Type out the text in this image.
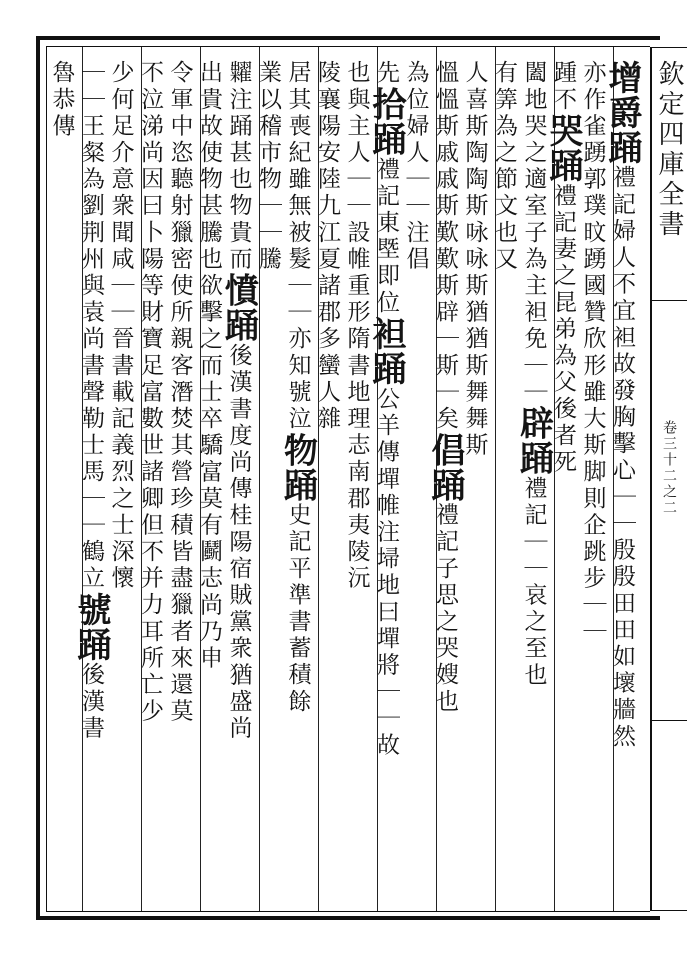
欽定四庫全書
卷三十二之二
增爵踊禮記婦人不宜袒故發胸擊心｜｜殷殷田田如壞牆然
亦作雀踴郭璞旼踴國贊欣形雖大斯脚則企跳步｜｜
踵不哭踊禮記妻之昆弟為父後者死
闔地哭之適室子為主袒免｜｜辟踊禮記｜｜哀之至也
有筭為之節文也又
人喜斯陶陶斯咏咏斯猶猶斯舞舞斯
慍慍斯戚戚斯歎歎斯辟｜斯｜矣倡踊禮記子思之哭嫂也
為位婦人｜｜注倡
先拾踊禮記東塈即位袒踊公羊傳墠帷注埽地曰墠將｜｜故
也與主人｜｜設帷重形隋書地理志南郡夷陵沅
陵襄陽安陸九江夏諸郡多蠻人雜
居其喪紀雖無被髮｜｜亦知號泣物踊史記平準書蓄積餘
業以稽市物｜｜騰
糶注踊甚也物貴而憤踊後漢書度尚傳桂陽宿賊黨衆猶盛尚
出貴故使物甚騰也欲擊之而士卒驕富莫有鬬志尚乃申
令軍中恣聽射獵密使所親客潛焚其營珍積皆盡獵者來還莫
不泣涕尚因曰卜陽等財寶足富數世諸卿但不并力耳所亡少
少何足介意衆聞咸｜｜晉書載記義烈之士深懷
｜｜王粲為劉荆州與袁尚書聲勒士馬｜｜鶴立號踊後漢書
魯恭傳
